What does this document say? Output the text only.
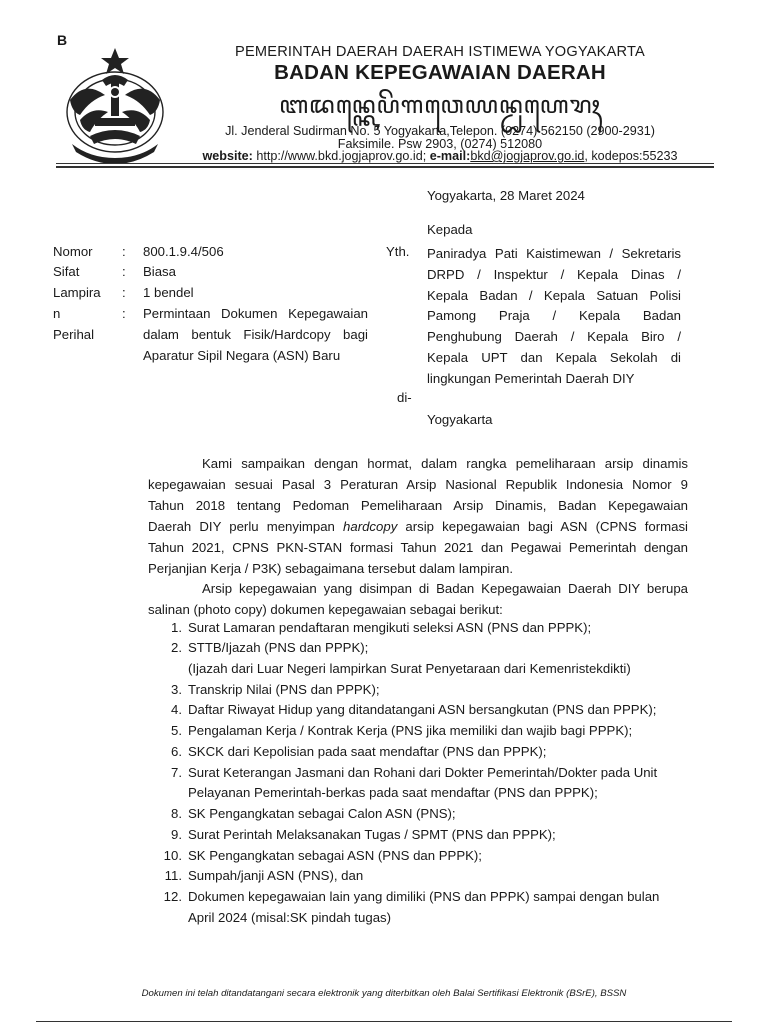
B
PEMERINTAH DAERAH DAERAH ISTIMEWA YOGYAKARTA
BADAN KEPEGAWAIAN DAERAH
ꦧꦢꦤ꧀ꦏꦺꦥꦼꦒꦮꦺꦪꦤ꧀ꦝꦲꦺꦫꦃ
Jl. Jenderal Sudirman No. 5 Yogyakarta,Telepon. (0274) 562150 (2900-2931)
Faksimile. Psw 2903, (0274) 512080
website: http://www.bkd.jogjaprov.go.id; e-mail:bkd@jogjaprov.go.id, kodepos:55233
Yogyakarta, 28 Maret 2024
Kepada
Nomor : 800.1.9.4/506
Sifat	: Biasa
Lampira : 1 bendel
n
Perihal
: Permintaan Dokumen Kepegawaian
dalam bentuk Fisik/Hardcopy bagi
Aparatur Sipil Negara (ASN) Baru
Yth. Paniradya Pati Kaistimewan / Sekretaris
DRPD / Inspektur / Kepala Dinas /
Kepala Badan / Kepala Satuan Polisi
Pamong Praja / Kepala Badan
Penghubung Daerah / Kepala Biro /
Kepala UPT dan Kepala Sekolah di
lingkungan Pemerintah Daerah DIY
di-
Yogyakarta
Kami sampaikan dengan hormat, dalam rangka pemeliharaan arsip dinamis
kepegawaian sesuai Pasal 3 Peraturan Arsip Nasional Republik Indonesia Nomor 9
Tahun 2018 tentang Pedoman Pemeliharaan Arsip Dinamis, Badan Kepegawaian
Daerah DIY perlu menyimpan hardcopy arsip kepegawaian bagi ASN (CPNS formasi
Tahun 2021, CPNS PKN-STAN formasi Tahun 2021 dan Pegawai Pemerintah dengan
Perjanjian Kerja / P3K) sebagaimana tersebut dalam lampiran.
Arsip kepegawaian yang disimpan di Badan Kepegawaian Daerah DIY berupa
salinan (photo copy) dokumen kepegawaian sebagai berikut:
1. Surat Lamaran pendaftaran mengikuti seleksi ASN (PNS dan PPPK);
2. STTB/Ijazah (PNS dan PPPK);
(Ijazah dari Luar Negeri lampirkan Surat Penyetaraan dari Kemenristekdikti)
3. Transkrip Nilai (PNS dan PPPK);
4. Daftar Riwayat Hidup yang ditandatangani ASN bersangkutan (PNS dan PPPK);
5. Pengalaman Kerja / Kontrak Kerja (PNS jika memiliki dan wajib bagi PPPK);
6. SKCK dari Kepolisian pada saat mendaftar (PNS dan PPPK);
7. Surat Keterangan Jasmani dan Rohani dari Dokter Pemerintah/Dokter pada Unit
Pelayanan Pemerintah-berkas pada saat mendaftar (PNS dan PPPK);
8. SK Pengangkatan sebagai Calon ASN (PNS);
9. Surat Perintah Melaksanakan Tugas / SPMT (PNS dan PPPK);
10. SK Pengangkatan sebagai ASN (PNS dan PPPK);
11. Sumpah/janji ASN (PNS), dan
12. Dokumen kepegawaian lain yang dimiliki (PNS dan PPPK) sampai dengan bulan
April 2024 (misal:SK pindah tugas)
Dokumen ini telah ditandatangani secara elektronik yang diterbitkan oleh Balai Sertifikasi Elektronik (BSrE), BSSN
